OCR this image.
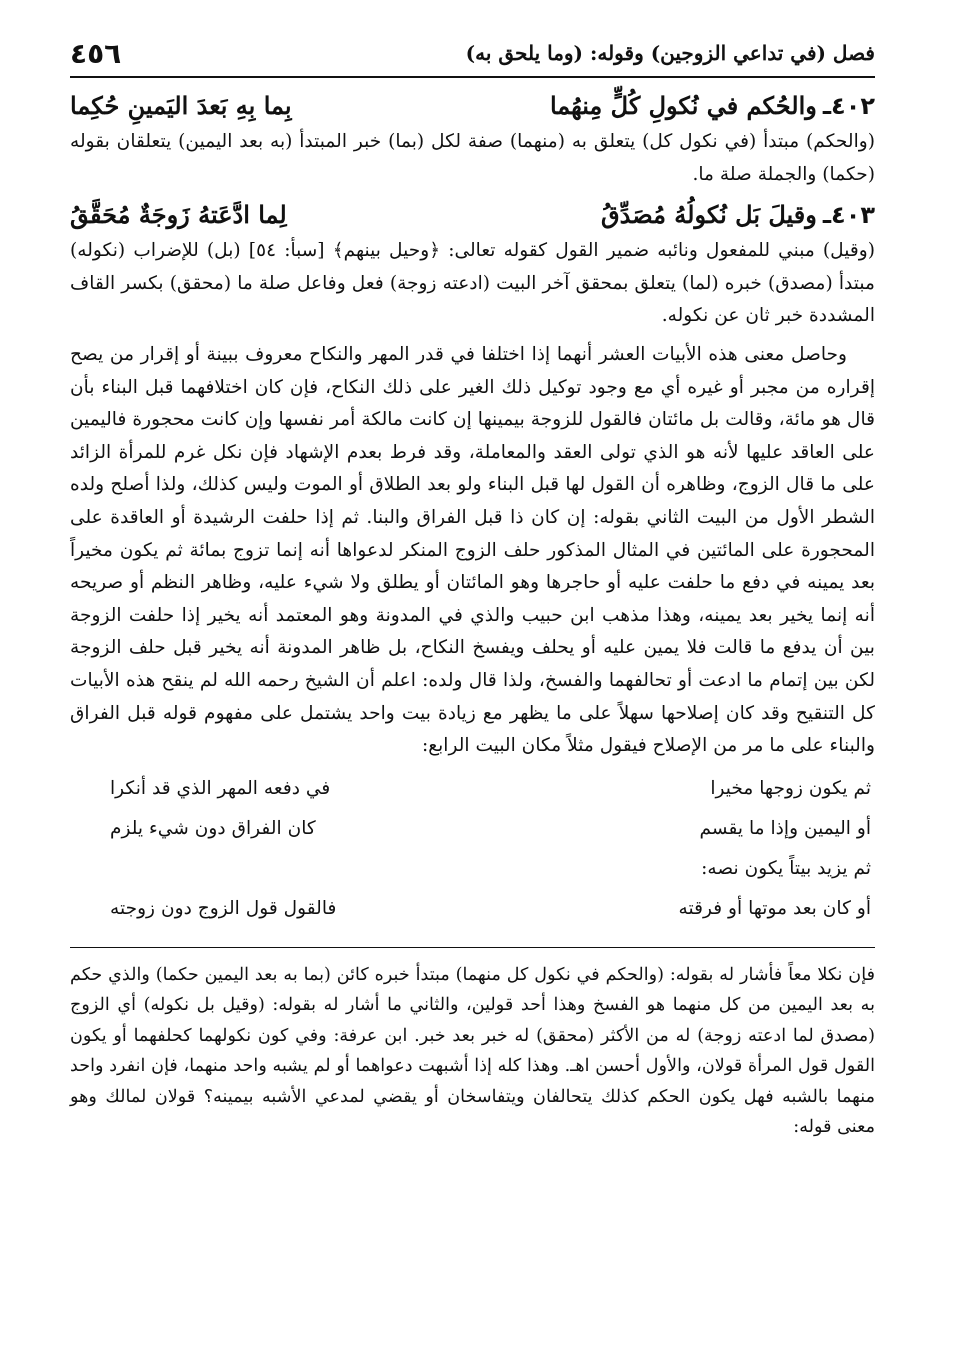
فصل (في تداعي الزوجين) وقوله: (وما يلحق به)
٤٥٦
٤٠٢ـ
والحُكم في نُكولِ كُلٍّ مِنهُما
بِما بِهِ بَعدَ اليَمينِ حُكِما

(والحكم) مبتدأ (في نكول كل) يتعلق به (منهما) صفة لكل (بما) خبر المبتدأ (به بعد اليمين) يتعلقان بقوله (حكما) والجملة صلة ما.

٤٠٣ـ
وقيلَ بَل نُكولُهُ مُصَدِّقُ
لِما ادَّعَتهُ زَوجَةٌ مُحَقَّقُ

(وقيل) مبني للمفعول ونائبه ضمير القول كقوله تعالى: ﴿وحيل بينهم﴾ [سبأ: ٥٤] (بل) للإضراب (نكوله) مبتدأ (مصدق) خبره (لما) يتعلق بمحقق آخر البيت (ادعته زوجة) فعل وفاعل صلة ما (محقق) بكسر القاف المشددة خبر ثان عن نكوله.

وحاصل معنى هذه الأبيات العشر أنهما إذا اختلفا في قدر المهر والنكاح معروف ببينة أو إقرار من يصح إقراره من مجبر أو غيره أي مع وجود توكيل ذلك الغير على ذلك النكاح، فإن كان اختلافهما قبل البناء بأن قال هو مائة، وقالت بل مائتان فالقول للزوجة بيمينها إن كانت مالكة أمر نفسها وإن كانت محجورة فاليمين على العاقد عليها لأنه هو الذي تولى العقد والمعاملة، وقد فرط بعدم الإشهاد فإن نكل غرم للمرأة الزائد على ما قال الزوج، وظاهره أن القول لها قبل البناء ولو بعد الطلاق أو الموت وليس كذلك، ولذا أصلح ولده الشطر الأول من البيت الثاني بقوله: إن كان ذا قبل الفراق والبنا. ثم إذا حلفت الرشيدة أو العاقدة على المحجورة على المائتين في المثال المذكور حلف الزوج المنكر لدعواها أنه إنما تزوج بمائة ثم يكون مخيراً بعد يمينه في دفع ما حلفت عليه أو حاجرها وهو المائتان أو يطلق ولا شيء عليه، وظاهر النظم أو صريحه أنه إنما يخير بعد يمينه، وهذا مذهب ابن حبيب والذي في المدونة وهو المعتمد أنه يخير إذا حلفت الزوجة بين أن يدفع ما قالت فلا يمين عليه أو يحلف ويفسخ النكاح، بل ظاهر المدونة أنه يخير قبل حلف الزوجة لكن بين إتمام ما ادعت أو تحالفهما والفسخ، ولذا قال ولده: اعلم أن الشيخ رحمه الله لم ينقح هذه الأبيات كل التنقيح وقد كان إصلاحها سهلاً على ما يظهر مع زيادة بيت واحد يشتمل على مفهوم قوله قبل الفراق والبناء على ما مر من الإصلاح فيقول مثلاً مكان البيت الرابع:

ثم يكون زوجها مخيرا
في دفعه المهر الذي قد أنكرا
أو اليمين وإذا ما يقسم
كان الفراق دون شيء يلزم
ثم يزيد بيتاً يكون نصه:
أو كان بعد موتها أو فرقته
فالقول قول الزوج دون زوجته

فإن نكلا معاً فأشار له بقوله: (والحكم في نكول كل منهما) مبتدأ خبره كائن (بما به بعد اليمين حكما) والذي حكم به بعد اليمين من كل منهما هو الفسخ وهذا أحد قولين، والثاني ما أشار له بقوله: (وقيل بل نكوله) أي الزوج (مصدق لما ادعته زوجة) له من الأكثر (محقق) له خبر بعد خبر. ابن عرفة: وفي كون نكولهما كحلفهما أو يكون القول قول المرأة قولان، والأول أحسن اهـ. وهذا كله إذا أشبهت دعواهما أو لم يشبه واحد منهما، فإن انفرد واحد منهما بالشبه فهل يكون الحكم كذلك يتحالفان ويتفاسخان أو يقضي لمدعي الأشبه بيمينه؟ قولان لمالك وهو معنى قوله:
